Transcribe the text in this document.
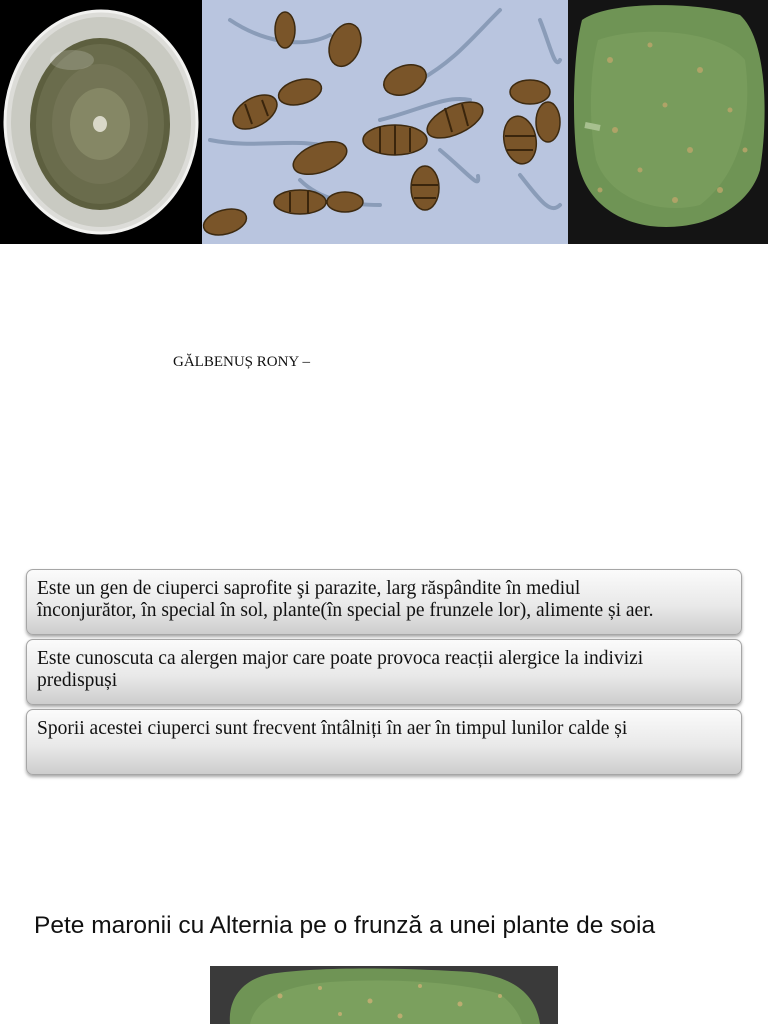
GĂLBENUȘ RONY –

Este un gen de ciuperci saprofite şi parazite, larg răspândite în mediul

înconjurător, în special în sol, plante(în special pe frunzele lor), alimente și aer.

Este cunoscuta ca alergen major care poate provoca reacții alergice la indivizi

predispuși

Sporii acestei ciuperci sunt frecvent întâlniți în aer în timpul lunilor calde și

Pete maronii cu Alternia pe o frunză a unei plante de soia
